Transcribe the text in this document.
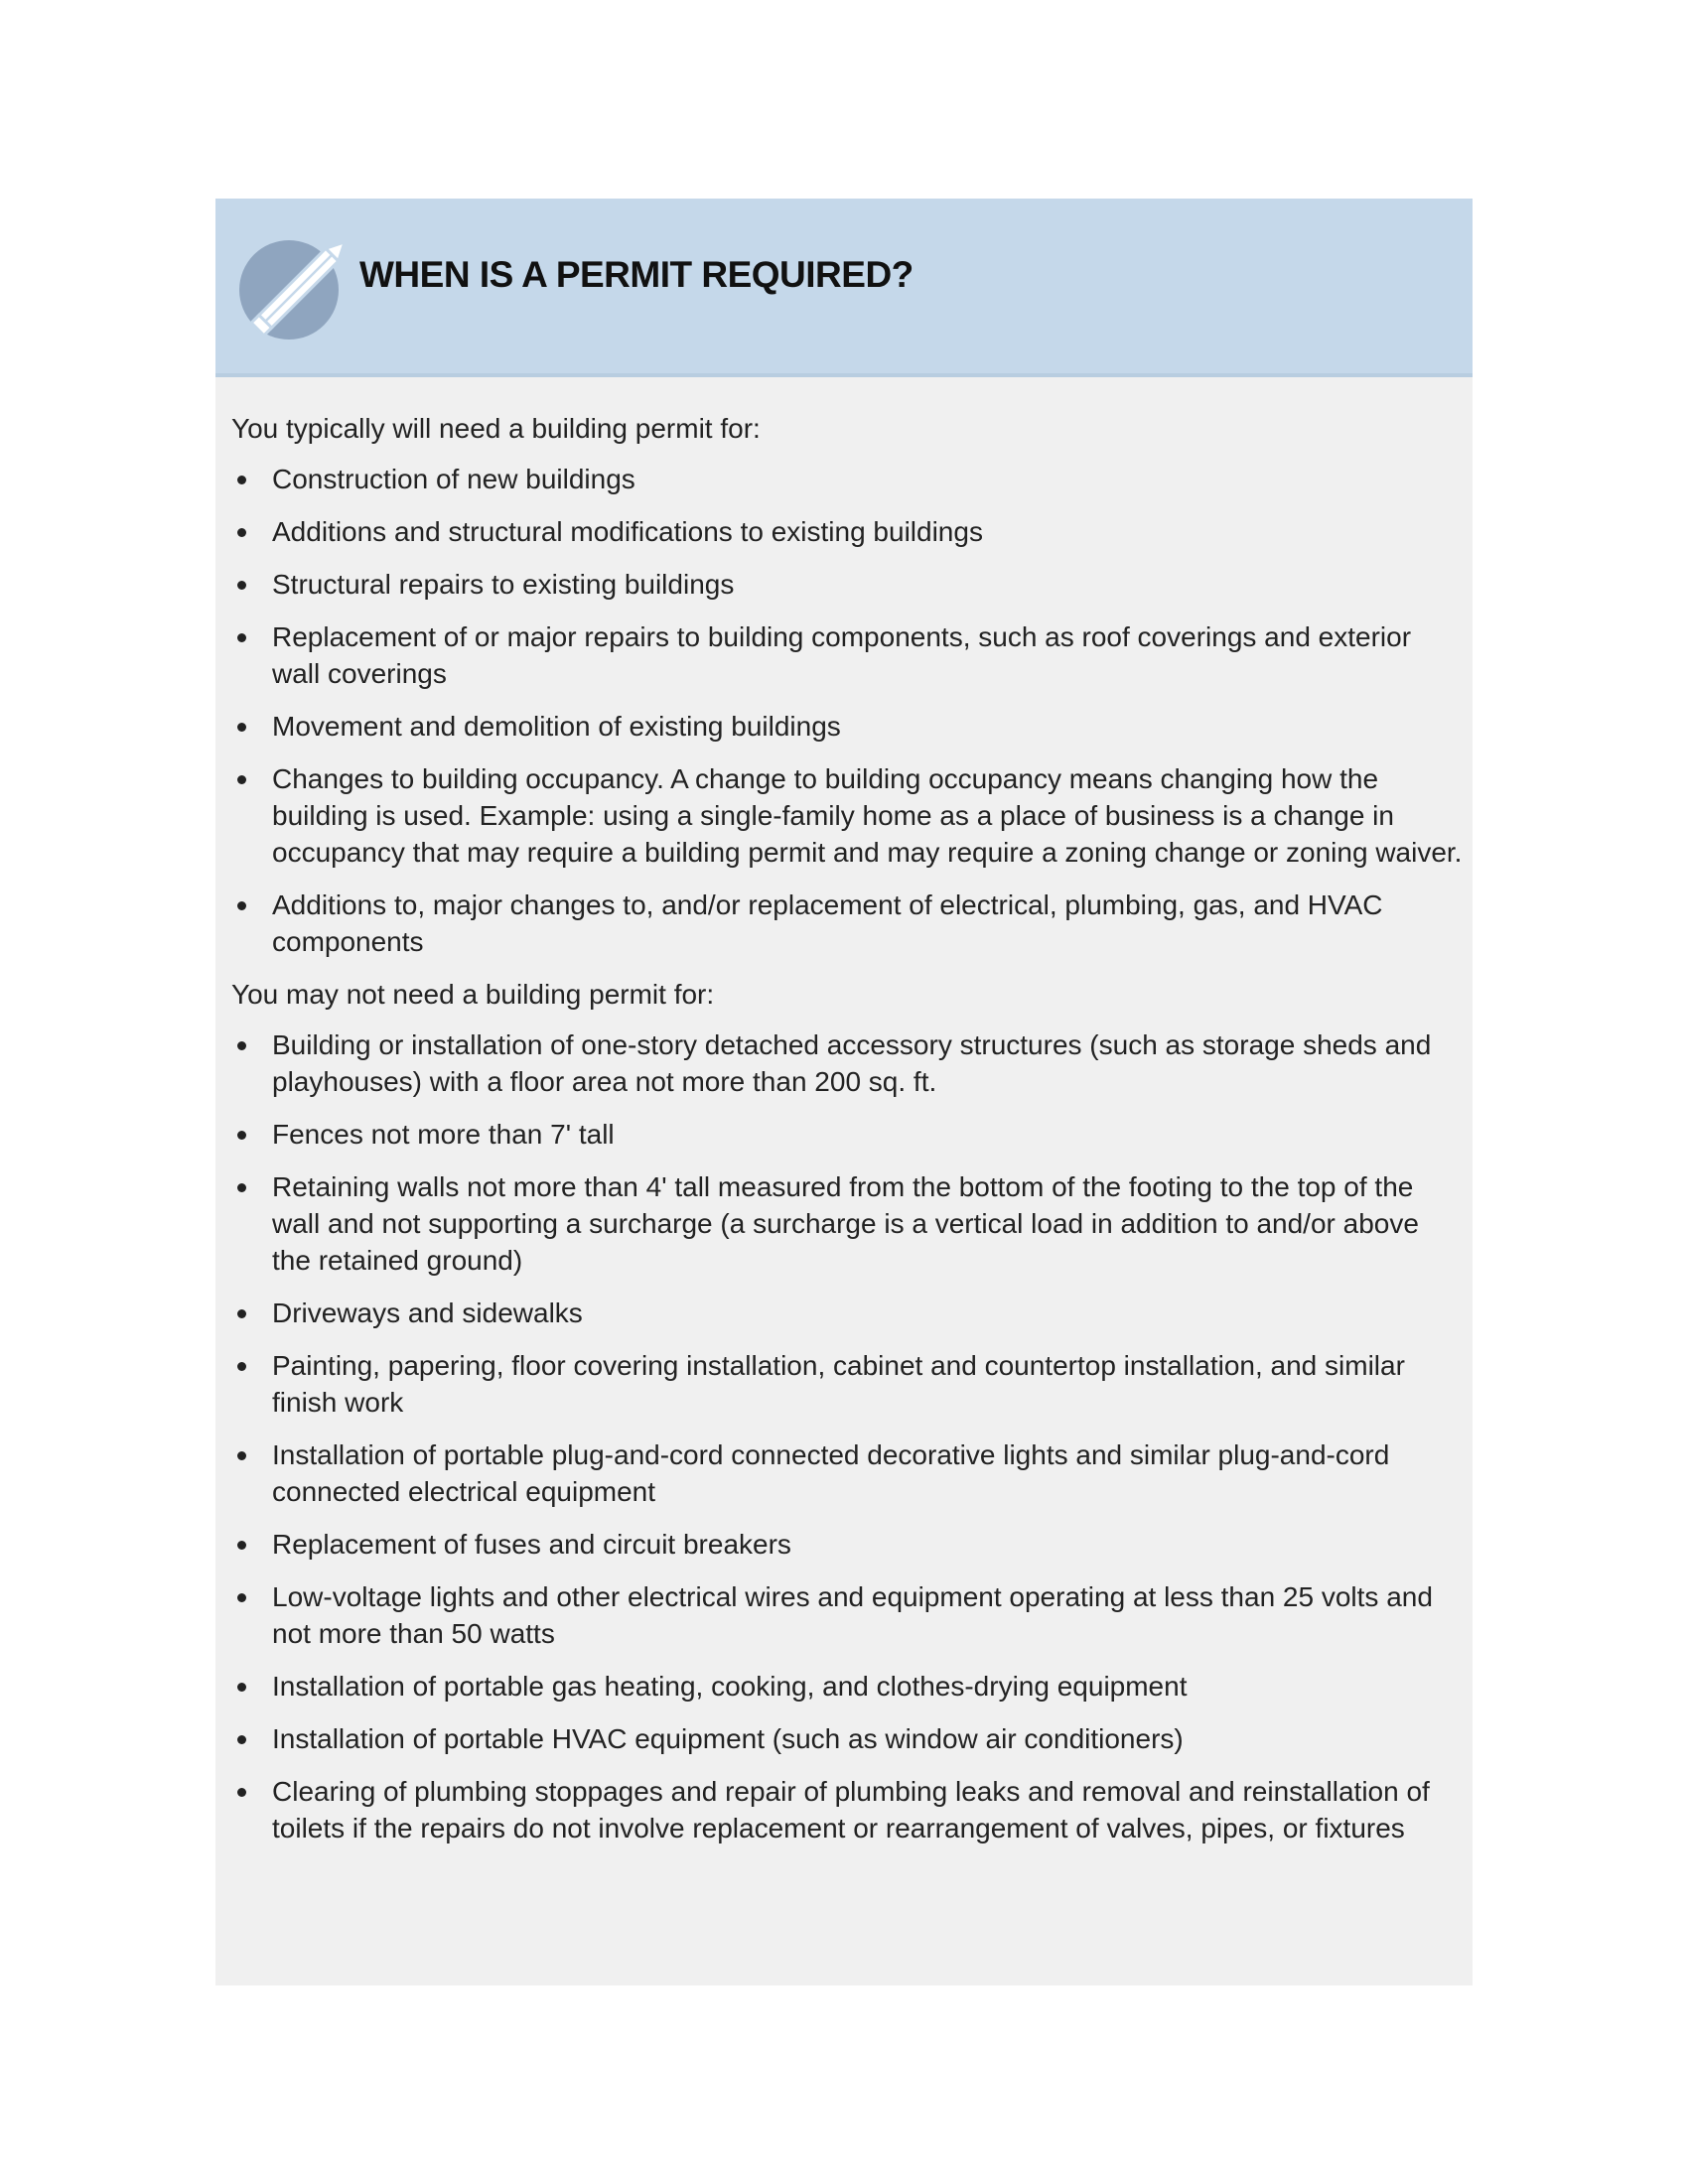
WHEN IS A PERMIT REQUIRED?

You typically will need a building permit for:

Construction of new buildings
Additions and structural modifications to existing buildings
Structural repairs to existing buildings
Replacement of or major repairs to building components, such as roof coverings and exterior wall coverings
Movement and demolition of existing buildings
Changes to building occupancy. A change to building occupancy means changing how the building is used. Example: using a single-family home as a place of business is a change in occupancy that may require a building permit and may require a zoning change or zoning waiver.
Additions to, major changes to, and/or replacement of electrical, plumbing, gas, and HVAC components

You may not need a building permit for:

Building or installation of one-story detached accessory structures (such as storage sheds and playhouses) with a floor area not more than 200 sq. ft.
Fences not more than 7' tall
Retaining walls not more than 4' tall measured from the bottom of the footing to the top of the wall and not supporting a surcharge (a surcharge is a vertical load in addition to and/or above the retained ground)
Driveways and sidewalks
Painting, papering, floor covering installation, cabinet and countertop installation, and similar finish work
Installation of portable plug-and-cord connected decorative lights and similar plug-and-cord connected electrical equipment
Replacement of fuses and circuit breakers
Low-voltage lights and other electrical wires and equipment operating at less than 25 volts and not more than 50 watts
Installation of portable gas heating, cooking, and clothes-drying equipment
Installation of portable HVAC equipment (such as window air conditioners)
Clearing of plumbing stoppages and repair of plumbing leaks and removal and reinstallation of toilets if the repairs do not involve replacement or rearrangement of valves, pipes, or fixtures
